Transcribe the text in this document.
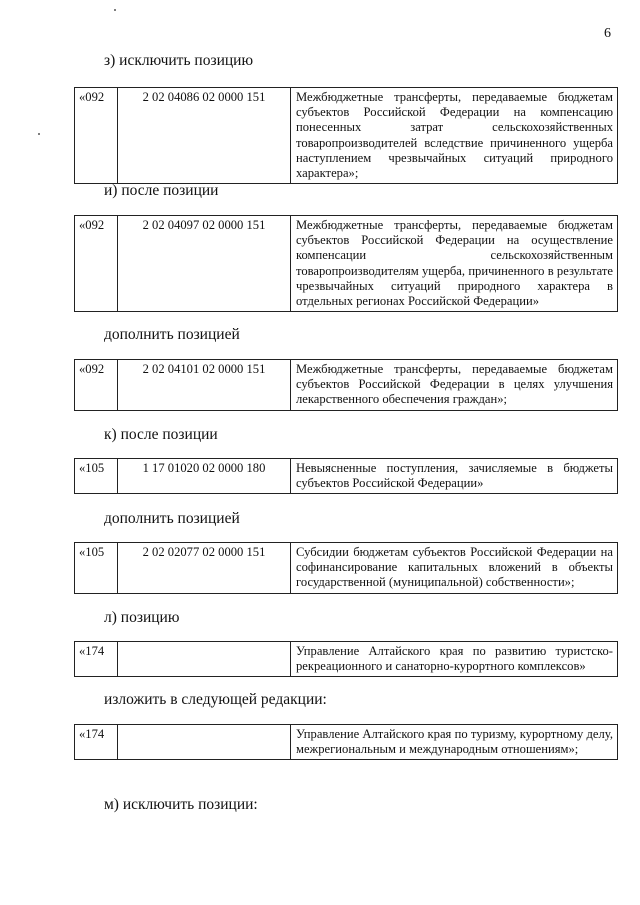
6
з) исключить позицию
«092	2 02 04086 02 0000 151	Межбюджетные трансферты, передаваемые бюджетам субъектов Российской Федерации на компенсацию понесенных затрат сельскохозяйственных товаропроизводителей вследствие причиненного ущерба наступлением чрезвычайных ситуаций природного характера»;
и) после позиции
«092	2 02 04097 02 0000 151	Межбюджетные трансферты, передаваемые бюджетам субъектов Российской Федерации на осуществление компенсации сельскохозяйственным товаропроизводителям ущерба, причиненного в результате чрезвычайных ситуаций природного характера в отдельных регионах Российской Федерации»
дополнить позицией
«092	2 02 04101 02 0000 151	Межбюджетные трансферты, передаваемые бюджетам субъектов Российской Федерации в целях улучшения лекарственного обеспечения граждан»;
к) после позиции
«105	1 17 01020 02 0000 180	Невыясненные поступления, зачисляемые в бюджеты субъектов Российской Федерации»
дополнить позицией
«105	2 02 02077 02 0000 151	Субсидии бюджетам субъектов Российской Федерации на софинансирование капитальных вложений в объекты государственной (муниципальной) собственности»;
л) позицию
«174		Управление Алтайского края по развитию туристско-рекреационного и санаторно-курортного комплексов»
изложить в следующей редакции:
«174		Управление Алтайского края по туризму, курортному делу, межрегиональным и международным отношениям»;
м) исключить позиции:
